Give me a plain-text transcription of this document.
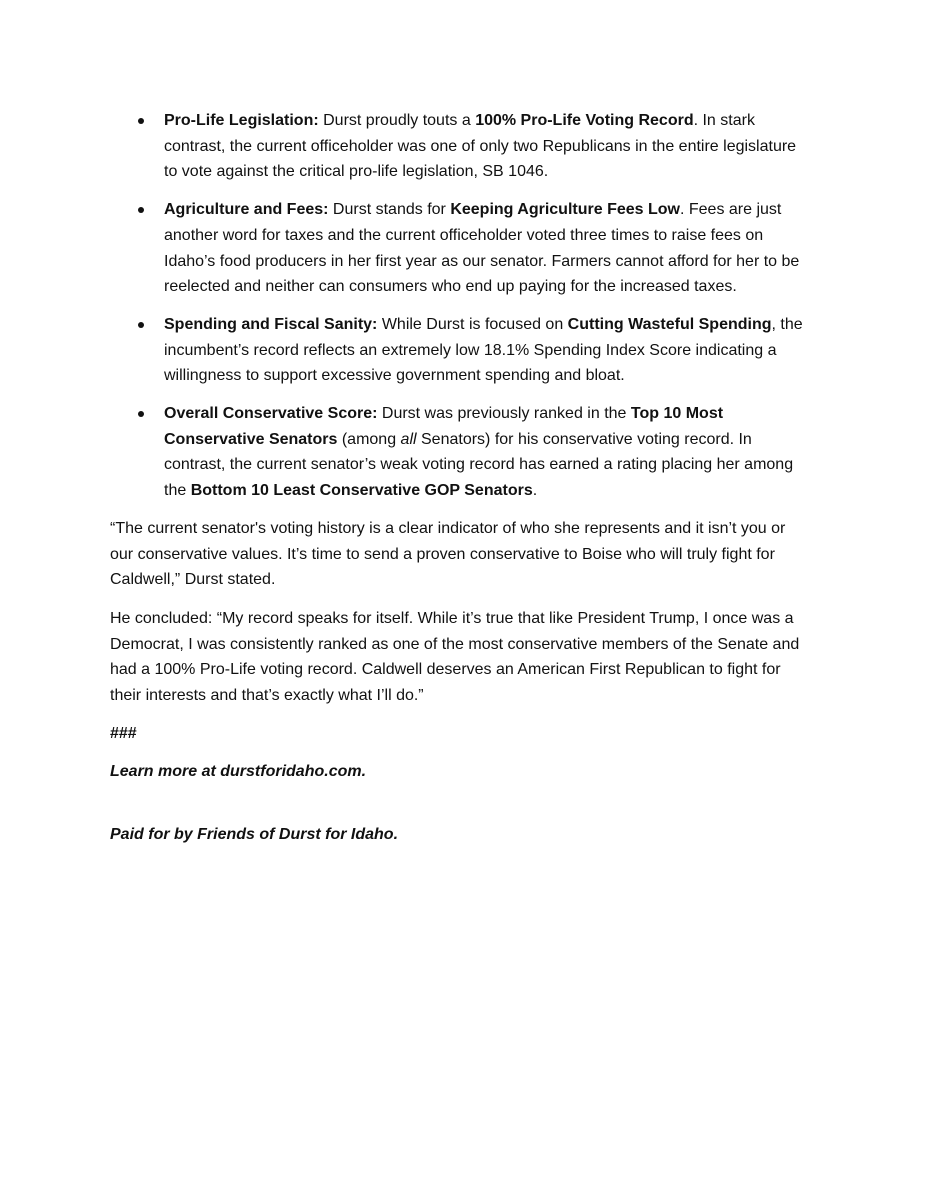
Pro-Life Legislation: Durst proudly touts a 100% Pro-Life Voting Record. In stark contrast, the current officeholder was one of only two Republicans in the entire legislature to vote against the critical pro-life legislation, SB 1046.
Agriculture and Fees: Durst stands for Keeping Agriculture Fees Low. Fees are just another word for taxes and the current officeholder voted three times to raise fees on Idaho’s food producers in her first year as our senator. Farmers cannot afford for her to be reelected and neither can consumers who end up paying for the increased taxes.
Spending and Fiscal Sanity: While Durst is focused on Cutting Wasteful Spending, the incumbent’s record reflects an extremely low 18.1% Spending Index Score indicating a willingness to support excessive government spending and bloat.
Overall Conservative Score: Durst was previously ranked in the Top 10 Most Conservative Senators (among all Senators) for his conservative voting record. In contrast, the current senator’s weak voting record has earned a rating placing her among the Bottom 10 Least Conservative GOP Senators.

“The current senator's voting history is a clear indicator of who she represents and it isn’t you or our conservative values. It’s time to send a proven conservative to Boise who will truly fight for Caldwell,” Durst stated.

He concluded: “My record speaks for itself. While it’s true that like President Trump, I once was a Democrat, I was consistently ranked as one of the most conservative members of the Senate and had a 100% Pro-Life voting record. Caldwell deserves an American First Republican to fight for their interests and that’s exactly what I’ll do.”

###

Learn more at durstforidaho.com.

Paid for by Friends of Durst for Idaho.
